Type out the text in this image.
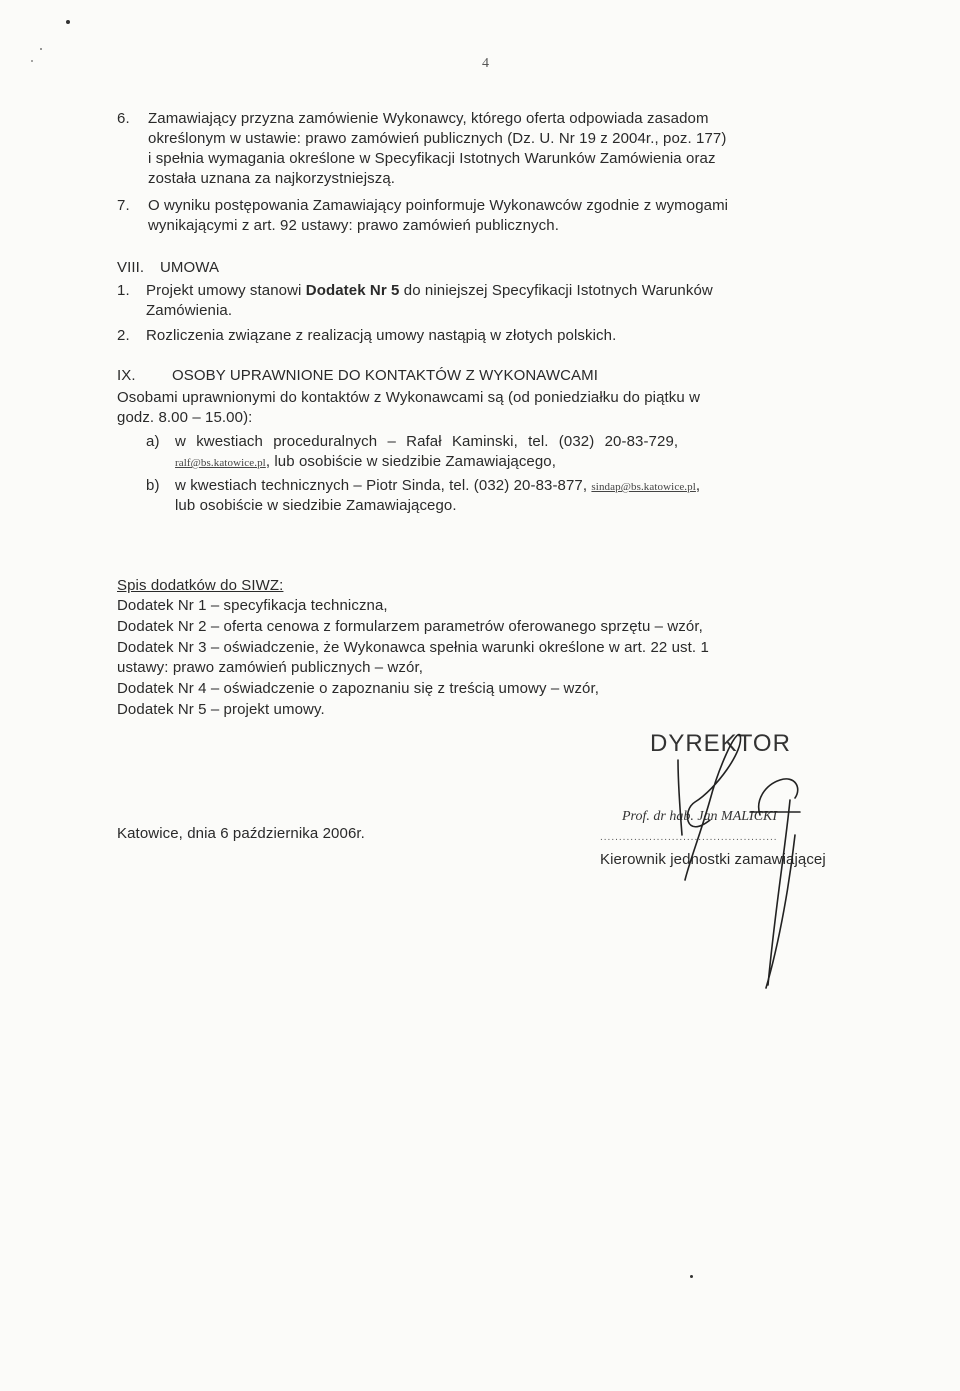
4
6. Zamawiający przyzna zamówienie Wykonawcy, którego oferta odpowiada zasadom
określonym w ustawie: prawo zamówień publicznych (Dz. U. Nr 19 z 2004r., poz. 177)
i spełnia wymagania określone w Specyfikacji Istotnych Warunków Zamówienia oraz
została uznana za najkorzystniejszą.
7. O wyniku postępowania Zamawiający poinformuje Wykonawców zgodnie z wymogami
wynikającymi z art. 92 ustawy: prawo zamówień publicznych.
VIII. UMOWA
1. Projekt umowy stanowi Dodatek Nr 5 do niniejszej Specyfikacji Istotnych Warunków
Zamówienia.
2. Rozliczenia związane z realizacją umowy nastąpią w złotych polskich.
IX. OSOBY UPRAWNIONE DO KONTAKTÓW Z WYKONAWCAMI
Osobami uprawnionymi do kontaktów z Wykonawcami są (od poniedziałku do piątku w
godz. 8.00 – 15.00):
a) w kwestiach proceduralnych – Rafał Kaminski, tel. (032) 20-83-729,
ralf@bs.katowice.pl, lub osobiście w siedzibie Zamawiającego,
b) w kwestiach technicznych – Piotr Sinda, tel. (032) 20-83-877, sindap@bs.katowice.pl,
lub osobiście w siedzibie Zamawiającego.
Spis dodatków do SIWZ:
Dodatek Nr 1 – specyfikacja techniczna,
Dodatek Nr 2 – oferta cenowa z formularzem parametrów oferowanego sprzętu – wzór,
Dodatek Nr 3 – oświadczenie, że Wykonawca spełnia warunki określone w art. 22 ust. 1
ustawy: prawo zamówień publicznych – wzór,
Dodatek Nr 4 – oświadczenie o zapoznaniu się z treścią umowy – wzór,
Dodatek Nr 5 – projekt umowy.
Katowice, dnia 6 października 2006r.
DYREKTOR
Prof. dr hab. Jan MALICKI
...............................................
Kierownik jednostki zamawiającej
